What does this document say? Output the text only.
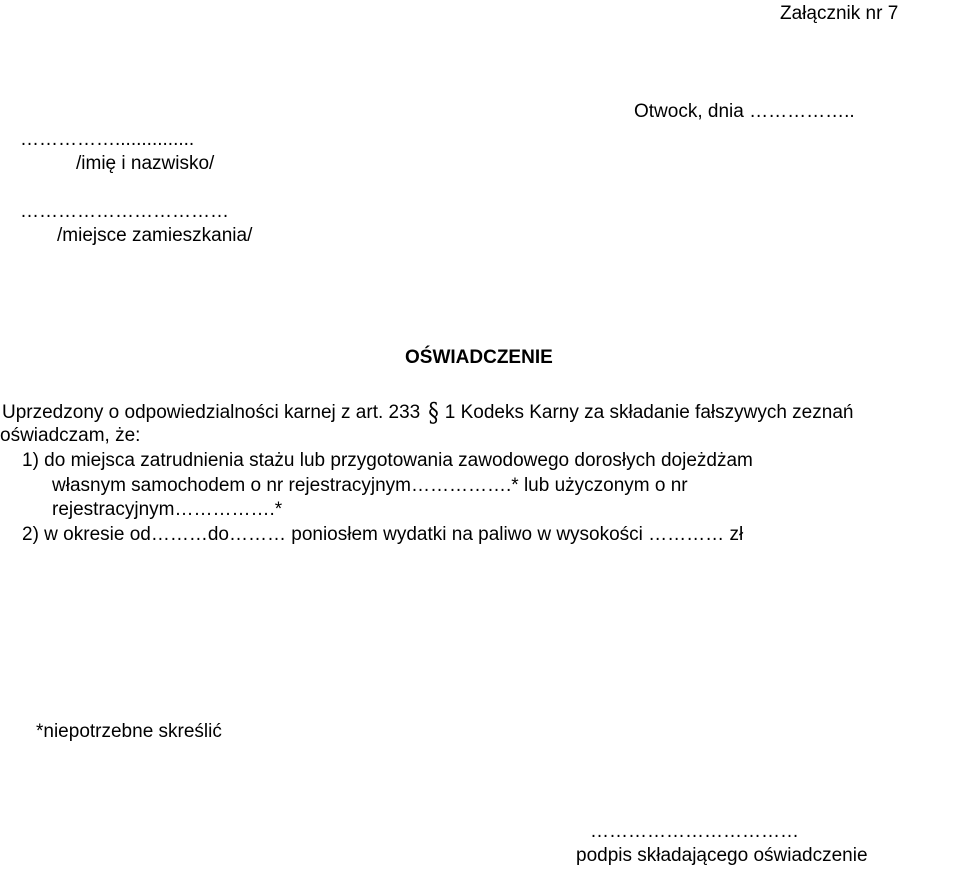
Załącznik nr 7
Otwock, dnia ……………..
……………...............
/imię i nazwisko/
……………………………
/miejsce zamieszkania/
OŚWIADCZENIE
Uprzedzony o odpowiedzialności karnej z art. 233 § 1 Kodeks Karny za składanie fałszywych zeznań
oświadczam, że:
1) do miejsca zatrudnienia stażu lub przygotowania zawodowego dorosłych dojeżdżam
własnym samochodem o nr rejestracyjnym…………….* lub użyczonym o nr
rejestracyjnym…………….*
2) w okresie od………do……… poniosłem wydatki na paliwo w wysokości ………… zł
*niepotrzebne skreślić
……………………………
podpis składającego oświadczenie
